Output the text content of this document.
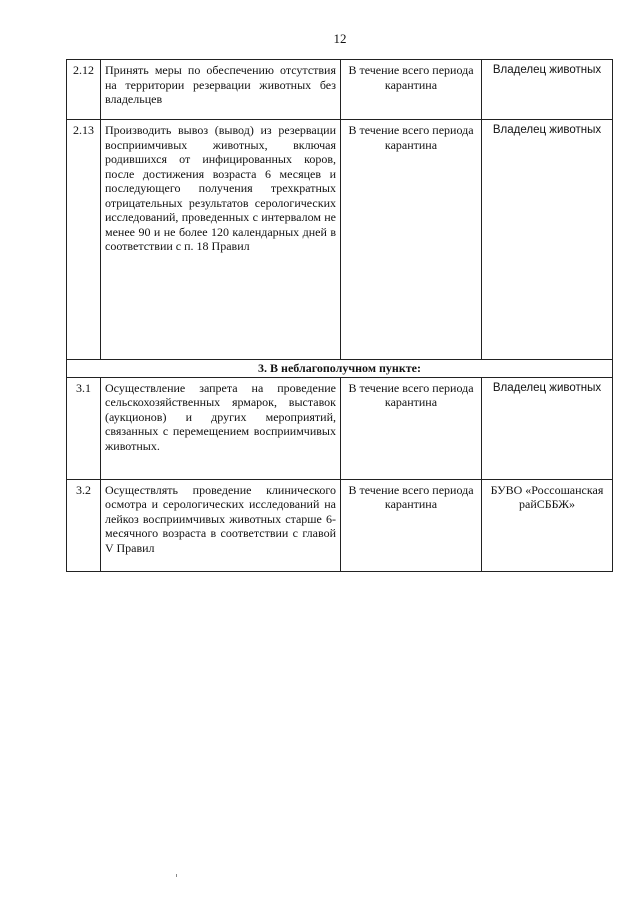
12
2.12	Принять меры по обеспечению отсутствия на территории резервации животных без владельцев	В течение всего периода карантина	Владелец животных
2.13	Производить вывоз (вывод) из резервации восприимчивых животных, включая родившихся от инфицированных коров, после достижения возраста 6 месяцев и последующего получения трехкратных отрицательных результатов серологических исследований, проведенных с интервалом не менее 90 и не более 120 календарных дней в соответствии с п. 18 Правил	В течение всего периода карантина	Владелец животных
3. В неблагополучном пункте:			
3.1	Осуществление запрета на проведение сельскохозяйственных ярмарок, выставок (аукционов) и других мероприятий, связанных с перемещением восприимчивых животных.	В течение всего периода карантина	Владелец животных
3.2	Осуществлять проведение клинического осмотра и серологических исследований на лейкоз восприимчивых животных старше 6-месячного возраста в соответствии с главой V Правил	В течение всего периода карантина	БУВО «Россошанская райСББЖ»
